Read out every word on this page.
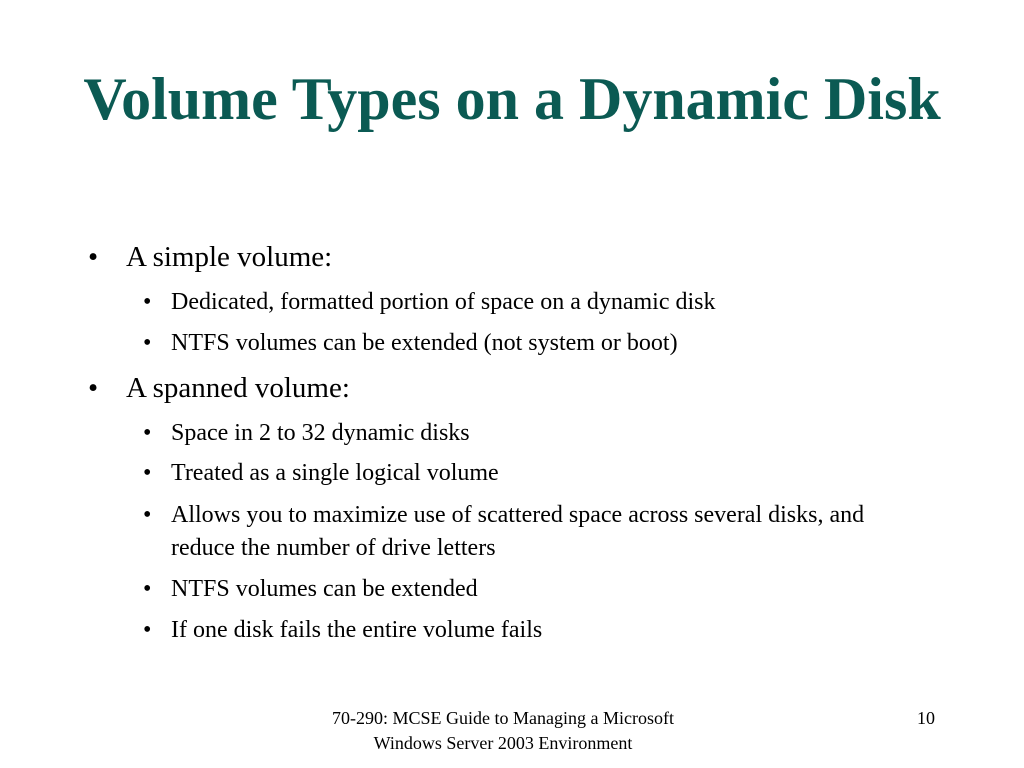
Volume Types on a Dynamic Disk
• A simple volume:
• Dedicated, formatted portion of space on a dynamic disk
• NTFS volumes can be extended (not system or boot)
• A spanned volume:
• Space in 2 to 32 dynamic disks
• Treated as a single logical volume
• Allows you to maximize use of scattered space across several disks, and reduce the number of drive letters
• NTFS volumes can be extended
• If one disk fails the entire volume fails
70-290: MCSE Guide to Managing a Microsoft
Windows Server 2003 Environment
10
